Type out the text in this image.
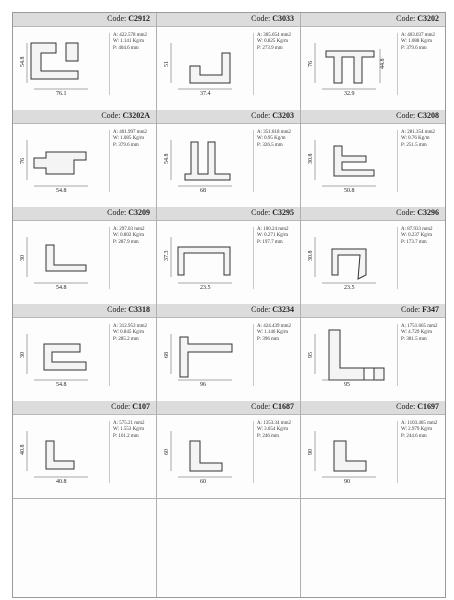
Code: C2912
54.8
76.1
A: 422.578 mm2
W: 1.141 Kg/m
P: 404.6 mm
Code: C3033
51
37.4
A: 305.654 mm2
W: 0.825 Kg/m
P: 273.9 mm
Code: C3202
76
32.9
44.8
A: 403.037 mm2
W: 1.088 Kg/m
P: 379.6 mm
Code: C3202A
76
54.8
A: 401.997 mm2
W: 1.085 Kg/m
P: 379.6 mm
Code: C3203
54.8
68
A: 351.818 mm2
W: 0.95 Kg/m
P: 326.5 mm
Code: C3208
30.8
50.8
A: 281.354 mm2
W: 0.76 Kg/m
P: 251.5 mm
Code: C3209
30
54.8
A: 297.03 mm2
W: 0.802 Kg/m
P: 287.9 mm
Code: C3295
37.3
23.5
A: 100.24 mm2
W: 0.271 Kg/m
P: 197.7 mm
Code: C3296
30.8
23.5
A: 87.933 mm2
W: 0.237 Kg/m
P: 173.7 mm
Code: C3318
30
54.8
A: 312.953 mm2
W: 0.845 Kg/m
P: 285.2 mm
Code: C3234
68
96
A: 424.439 mm2
W: 1.146 Kg/m
P: 396 mm
Code: F347
95
95
A: 1751.665 mm2
W: 4.729 Kg/m
P: 381.5 mm
Code: C107
40.8
40.8
A: 575.21 mm2
W: 1.553 Kg/m
P: 161.2 mm
Code: C1687
60
60
A: 1353.34 mm2
W: 3.654 Kg/m
P: 246 mm
Code: C1697
90
90
A: 1103.465 mm2
W: 2.979 Kg/m
P: 244.6 mm
